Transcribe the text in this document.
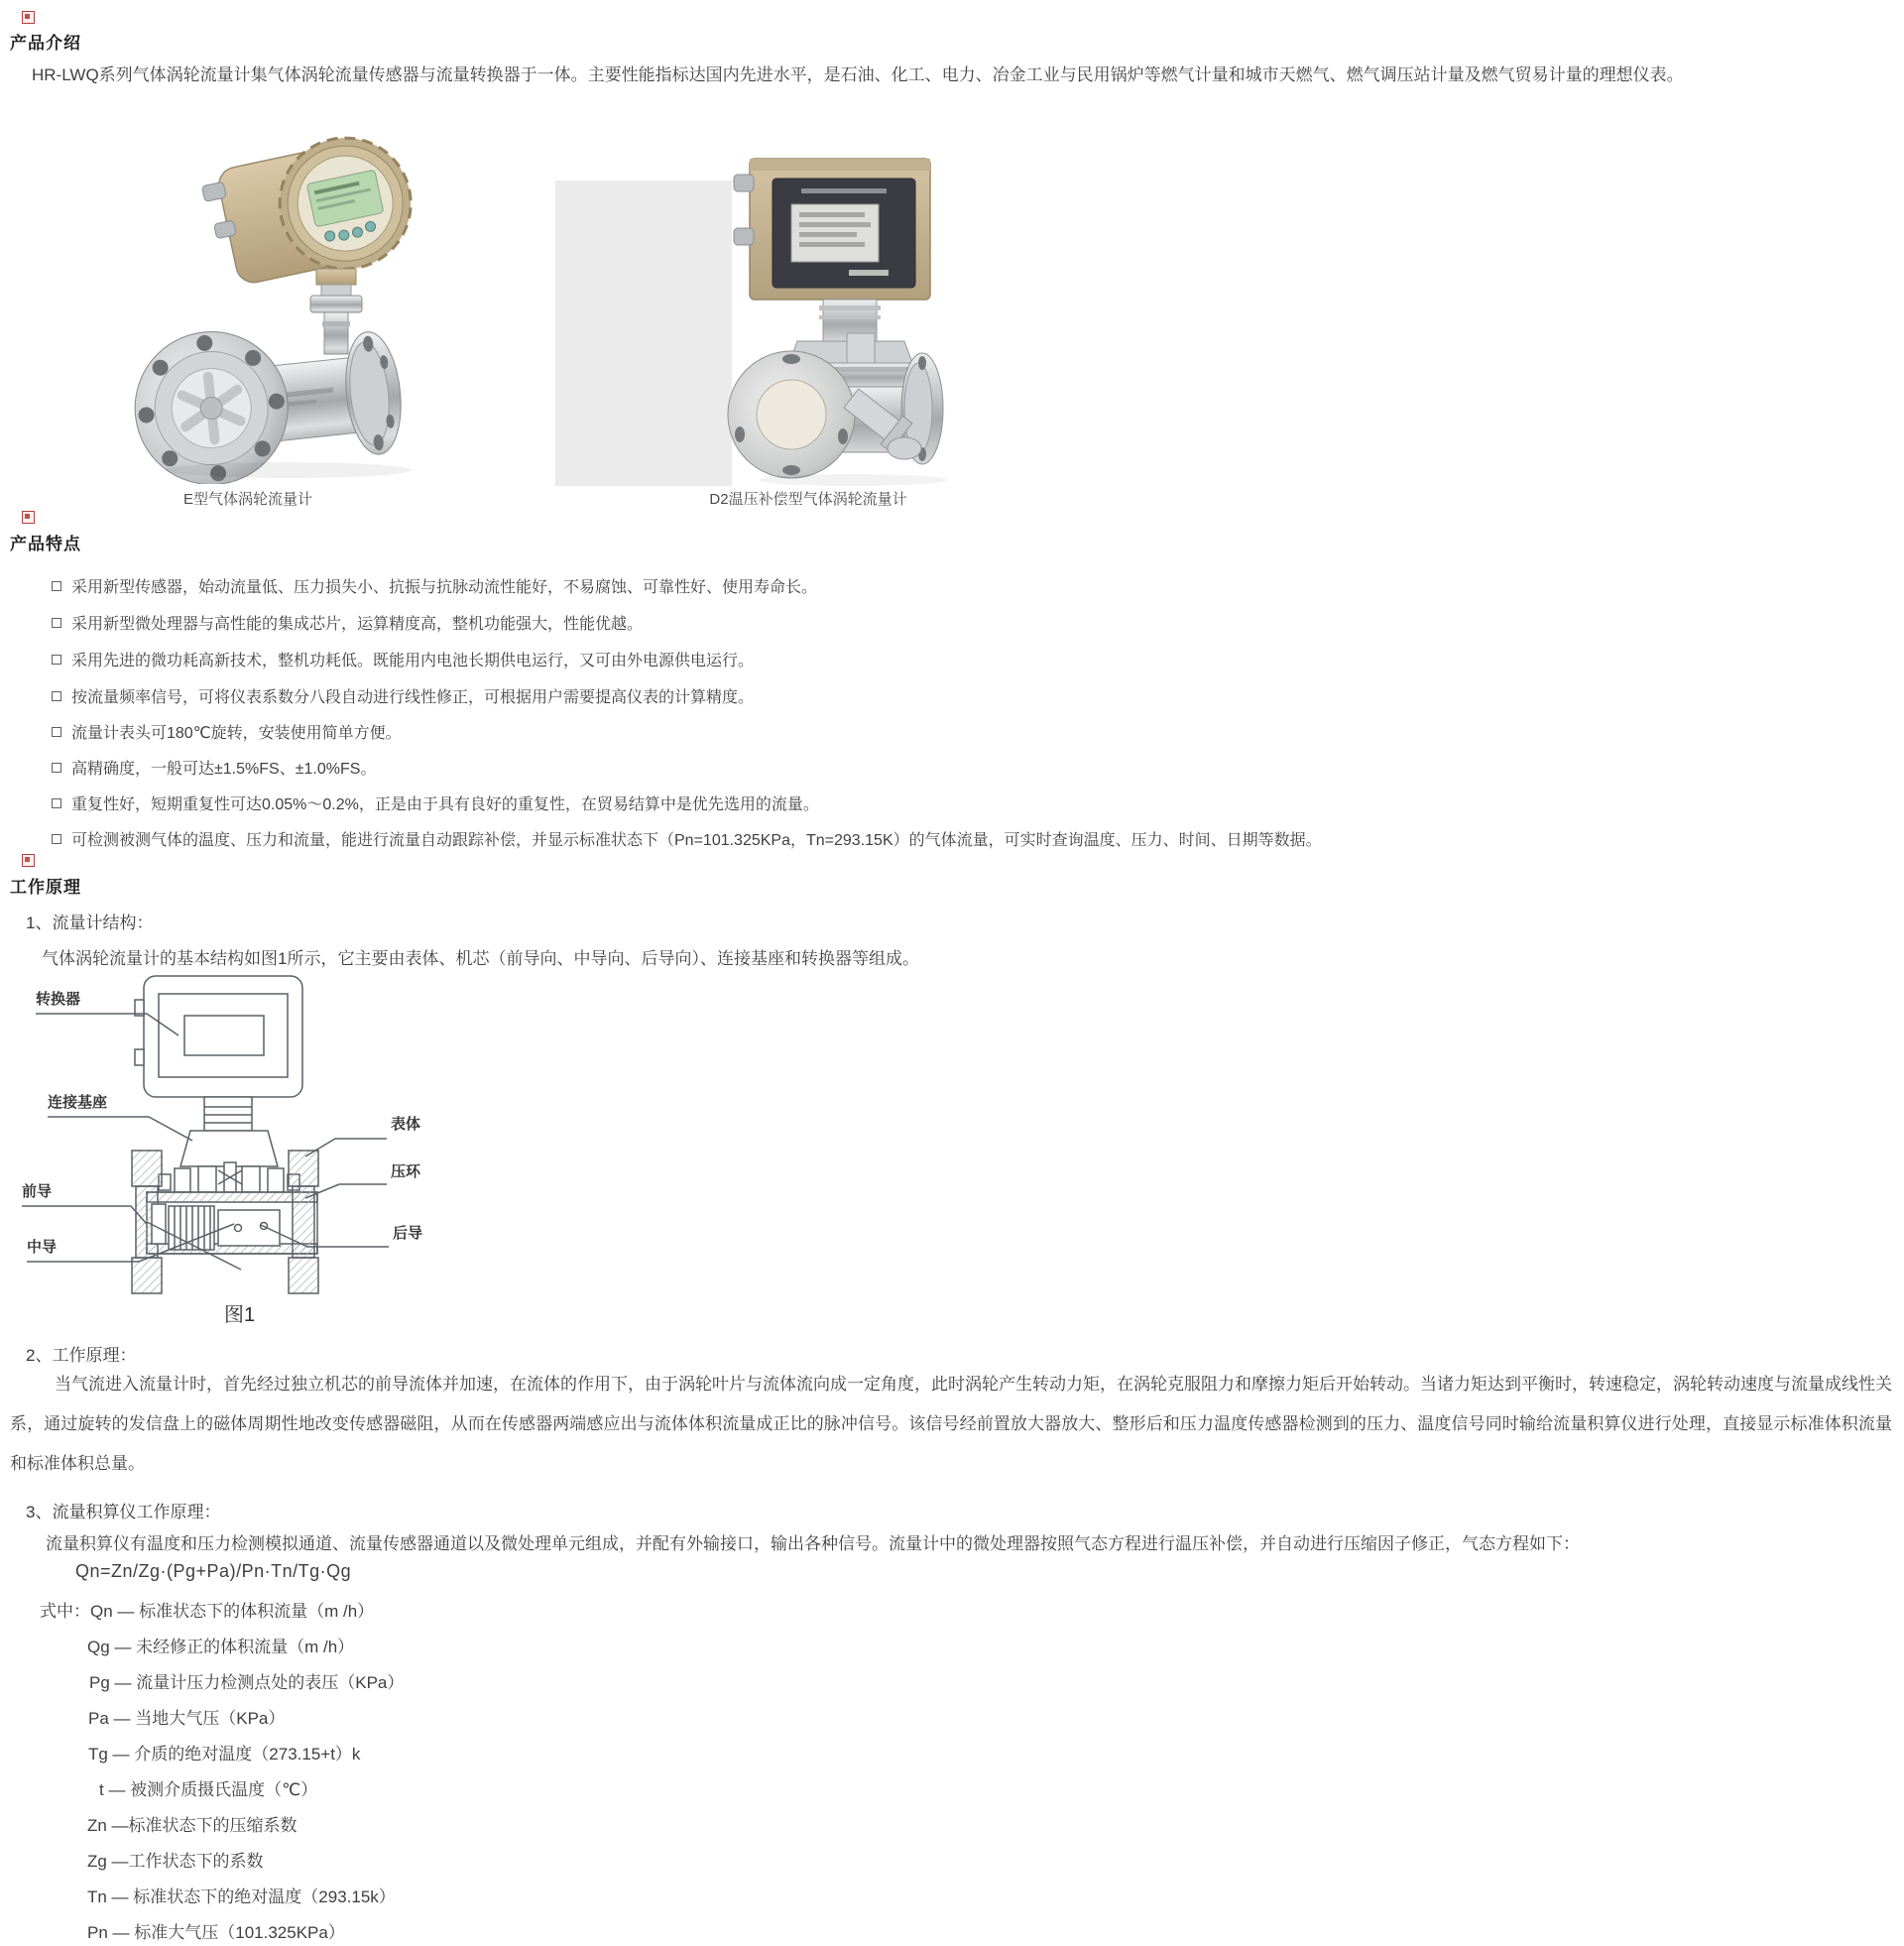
产品介绍
HR-LWQ系列气体涡轮流量计集气体涡轮流量传感器与流量转换器于一体。主要性能指标达国内先进水平，是石油、化工、电力、冶金工业与民用锅炉等燃气计量和城市天燃气、燃气调压站计量及燃气贸易计量的理想仪表。
E型气体涡轮流量计	D2温压补偿型气体涡轮流量计
产品特点
采用新型传感器，始动流量低、压力损失小、抗振与抗脉动流性能好，不易腐蚀、可靠性好、使用寿命长。
采用新型微处理器与高性能的集成芯片，运算精度高，整机功能强大，性能优越。
采用先进的微功耗高新技术，整机功耗低。既能用内电池长期供电运行，又可由外电源供电运行。
按流量频率信号，可将仪表系数分八段自动进行线性修正，可根据用户需要提高仪表的计算精度。
流量计表头可180℃旋转，安装使用简单方便。
高精确度，一般可达±1.5%FS、±1.0%FS。
重复性好，短期重复性可达0.05%～0.2%，正是由于具有良好的重复性，在贸易结算中是优先选用的流量。
可检测被测气体的温度、压力和流量，能进行流量自动跟踪补偿，并显示标准状态下（Pn=101.325KPa，Tn=293.15K）的气体流量，可实时查询温度、压力、时间、日期等数据。
工作原理
1、流量计结构：
气体涡轮流量计的基本结构如图1所示，它主要由表体、机芯（前导向、中导向、后导向）、连接基座和转换器等组成。
转换器
连接基座
表体
压环
前导
中导
后导
图1
2、工作原理：
当气流进入流量计时，首先经过独立机芯的前导流体并加速，在流体的作用下，由于涡轮叶片与流体流向成一定角度，此时涡轮产生转动力矩，在涡轮克服阻力和摩擦力矩后开始转动。当诸力矩达到平衡时，转速稳定，涡轮转动速度与流量成线性关系，通过旋转的发信盘上的磁体周期性地改变传感器磁阻，从而在传感器两端感应出与流体体积流量成正比的脉冲信号。该信号经前置放大器放大、整形后和压力温度传感器检测到的压力、温度信号同时输给流量积算仪进行处理，直接显示标准体积流量和标准体积总量。
3、流量积算仪工作原理：
流量积算仪有温度和压力检测模拟通道、流量传感器通道以及微处理单元组成，并配有外输接口，输出各种信号。流量计中的微处理器按照气态方程进行温压补偿，并自动进行压缩因子修正，气态方程如下：
Qn=Zn/Zg·(Pg+Pa)/Pn·Tn/Tg·Qg
式中：Qn — 标准状态下的体积流量（m /h）
Qg — 未经修正的体积流量（m /h）
Pg — 流量计压力检测点处的表压（KPa）
Pa — 当地大气压（KPa）
Tg — 介质的绝对温度（273.15+t）k
t — 被测介质摄氏温度（℃）
Zn —标准状态下的压缩系数
Zg —工作状态下的系数
Tn — 标准状态下的绝对温度（293.15k）
Pn — 标准大气压（101.325KPa）
